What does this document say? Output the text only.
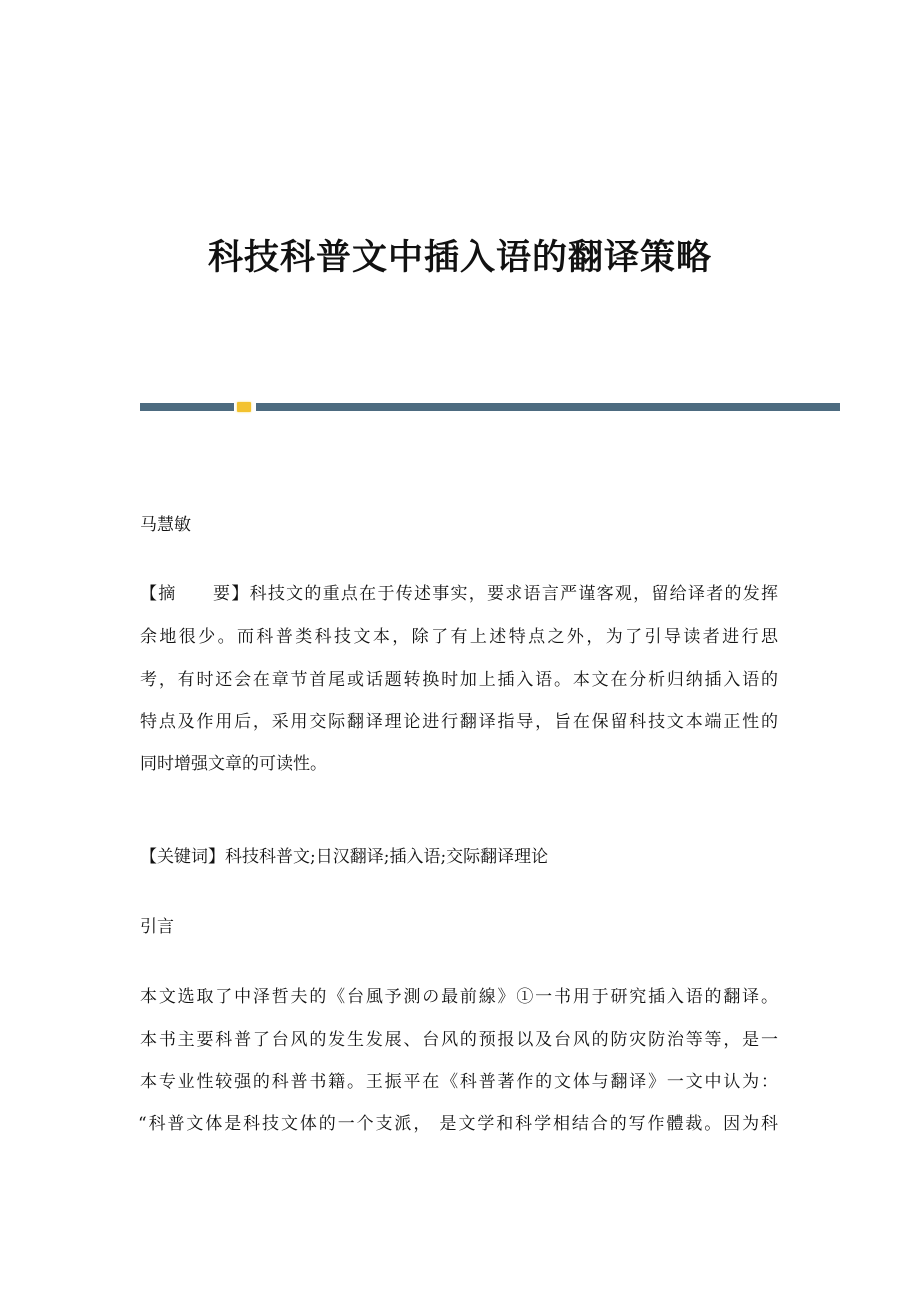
科技科普文中插入语的翻译策略
马慧敏
【摘　　要】科技文的重点在于传述事实，要求语言严谨客观，留给译者的发挥
余地很少。而科普类科技文本，除了有上述特点之外，为了引导读者进行思
考，有时还会在章节首尾或话题转换时加上插入语。本文在分析归纳插入语的
特点及作用后，采用交际翻译理论进行翻译指导，旨在保留科技文本端正性的
同时增强文章的可读性。
【关键词】科技科普文;日汉翻译;插入语;交际翻译理论
引言
本文选取了中泽哲夫的《台風予測の最前線》①一书用于研究插入语的翻译。
本书主要科普了台风的发生发展、台风的预报以及台风的防灾防治等等，是一
本专业性较强的科普书籍。王振平在《科普著作的文体与翻译》一文中认为：
“科普文体是科技文体的一个支派， 是文学和科学相结合的写作體裁。因为科
